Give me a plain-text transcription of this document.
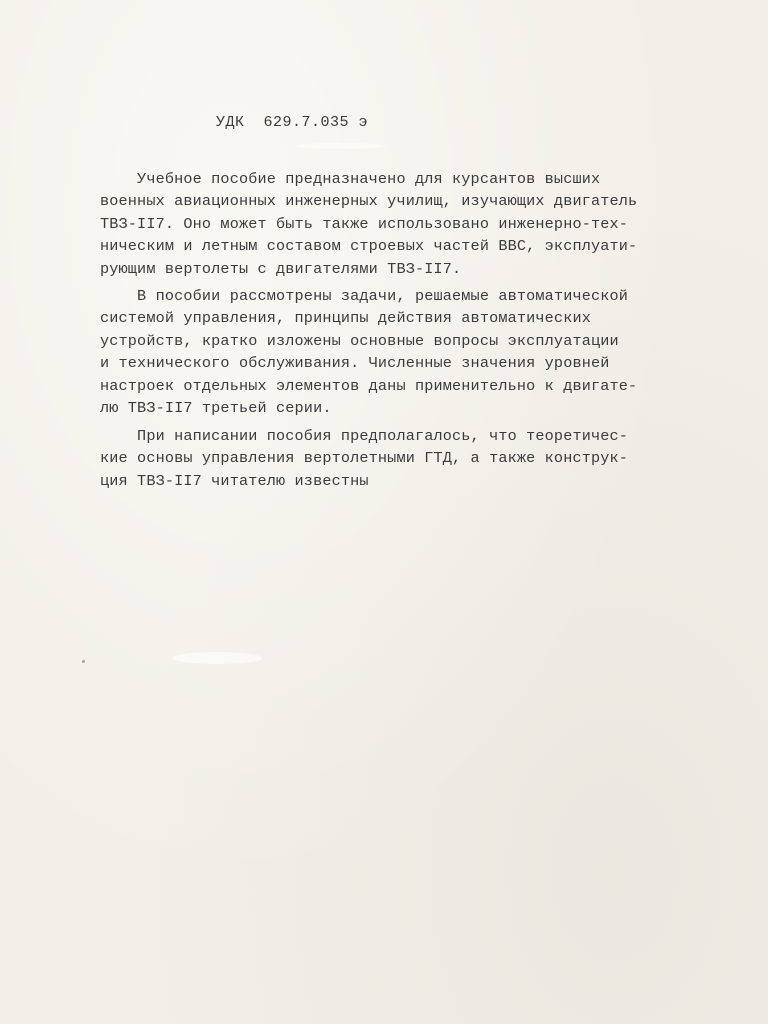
УДК  629.7.035 э

Учебное пособие предназначено для курсантов высших
военных авиационных инженерных училищ, изучающих двигатель
ТВЗ-II7. Оно может быть также использовано инженерно-тех-
ническим и летным составом строевых частей ВВС, эксплуати-
рующим вертолеты с двигателями ТВЗ-II7.

В пособии рассмотрены задачи, решаемые автоматической
системой управления, принципы действия автоматических
устройств, кратко изложены основные вопросы эксплуатации
и технического обслуживания. Численные значения уровней
настроек отдельных элементов даны применительно к двигате-
лю ТВЗ-II7 третьей серии.

При написании пособия предполагалось, что теоретичес-
кие основы управления вертолетными ГТД, а также конструк-
ция ТВЗ-II7 читателю известны
